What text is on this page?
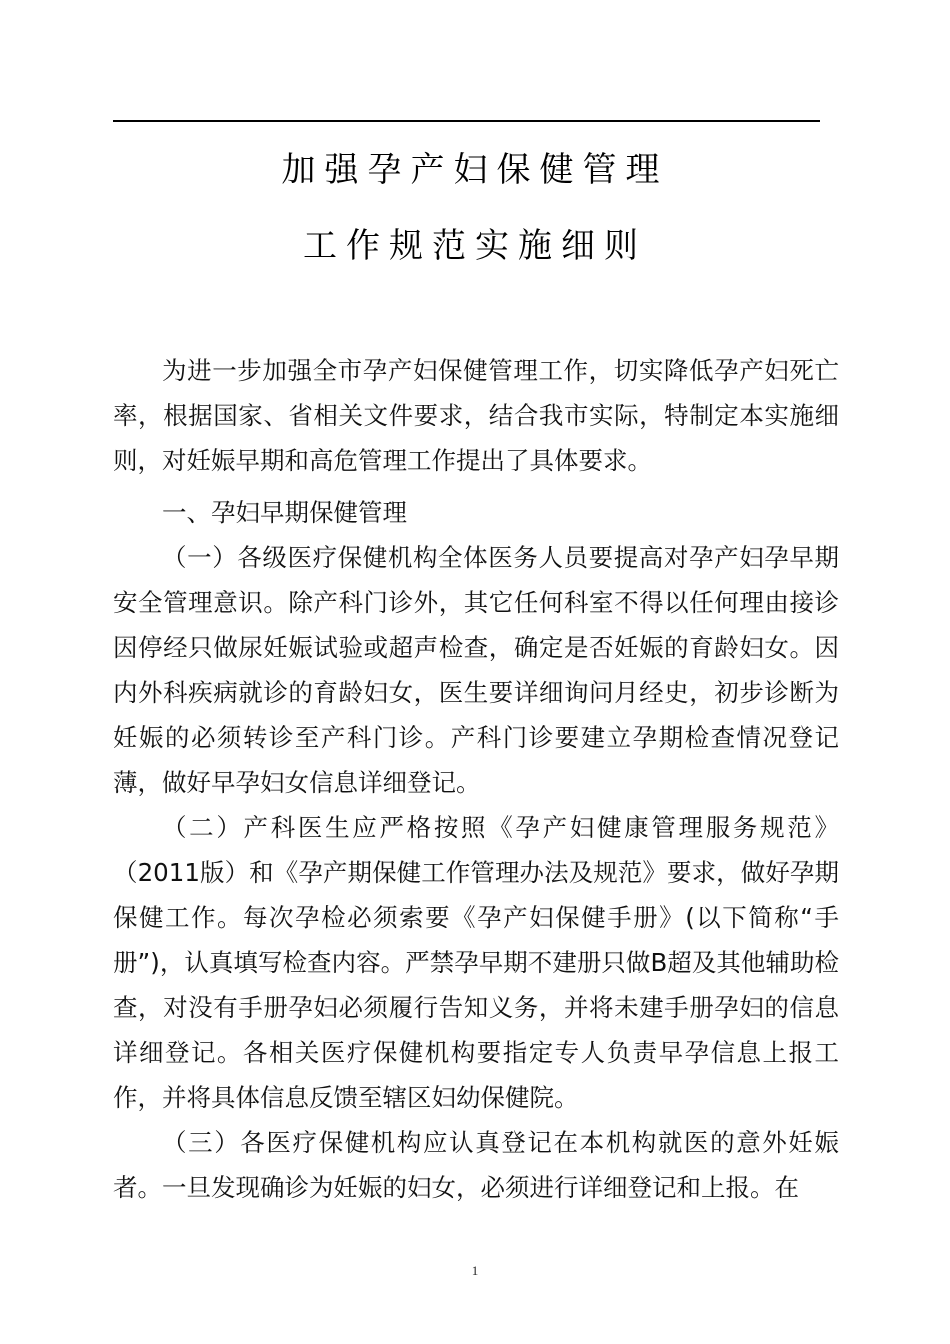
加强孕产妇保健管理
工作规范实施细则

为进一步加强全市孕产妇保健管理工作，切实降低孕产妇死亡率，根据国家、省相关文件要求，结合我市实际，特制定本实施细则，对妊娠早期和高危管理工作提出了具体要求。

一、孕妇早期保健管理

（一）各级医疗保健机构全体医务人员要提高对孕产妇孕早期安全管理意识。除产科门诊外，其它任何科室不得以任何理由接诊因停经只做尿妊娠试验或超声检查，确定是否妊娠的育龄妇女。因内外科疾病就诊的育龄妇女，医生要详细询问月经史，初步诊断为妊娠的必须转诊至产科门诊。产科门诊要建立孕期检查情况登记薄，做好早孕妇女信息详细登记。

（二）产科医生应严格按照《孕产妇健康管理服务规范》（2011版）和《孕产期保健工作管理办法及规范》要求，做好孕期保健工作。每次孕检必须索要《孕产妇保健手册》(以下简称“手册”)，认真填写检查内容。严禁孕早期不建册只做B超及其他辅助检查，对没有手册孕妇必须履行告知义务，并将未建手册孕妇的信息详细登记。各相关医疗保健机构要指定专人负责早孕信息上报工作，并将具体信息反馈至辖区妇幼保健院。

（三）各医疗保健机构应认真登记在本机构就医的意外妊娠者。一旦发现确诊为妊娠的妇女，必须进行详细登记和上报。在

1
